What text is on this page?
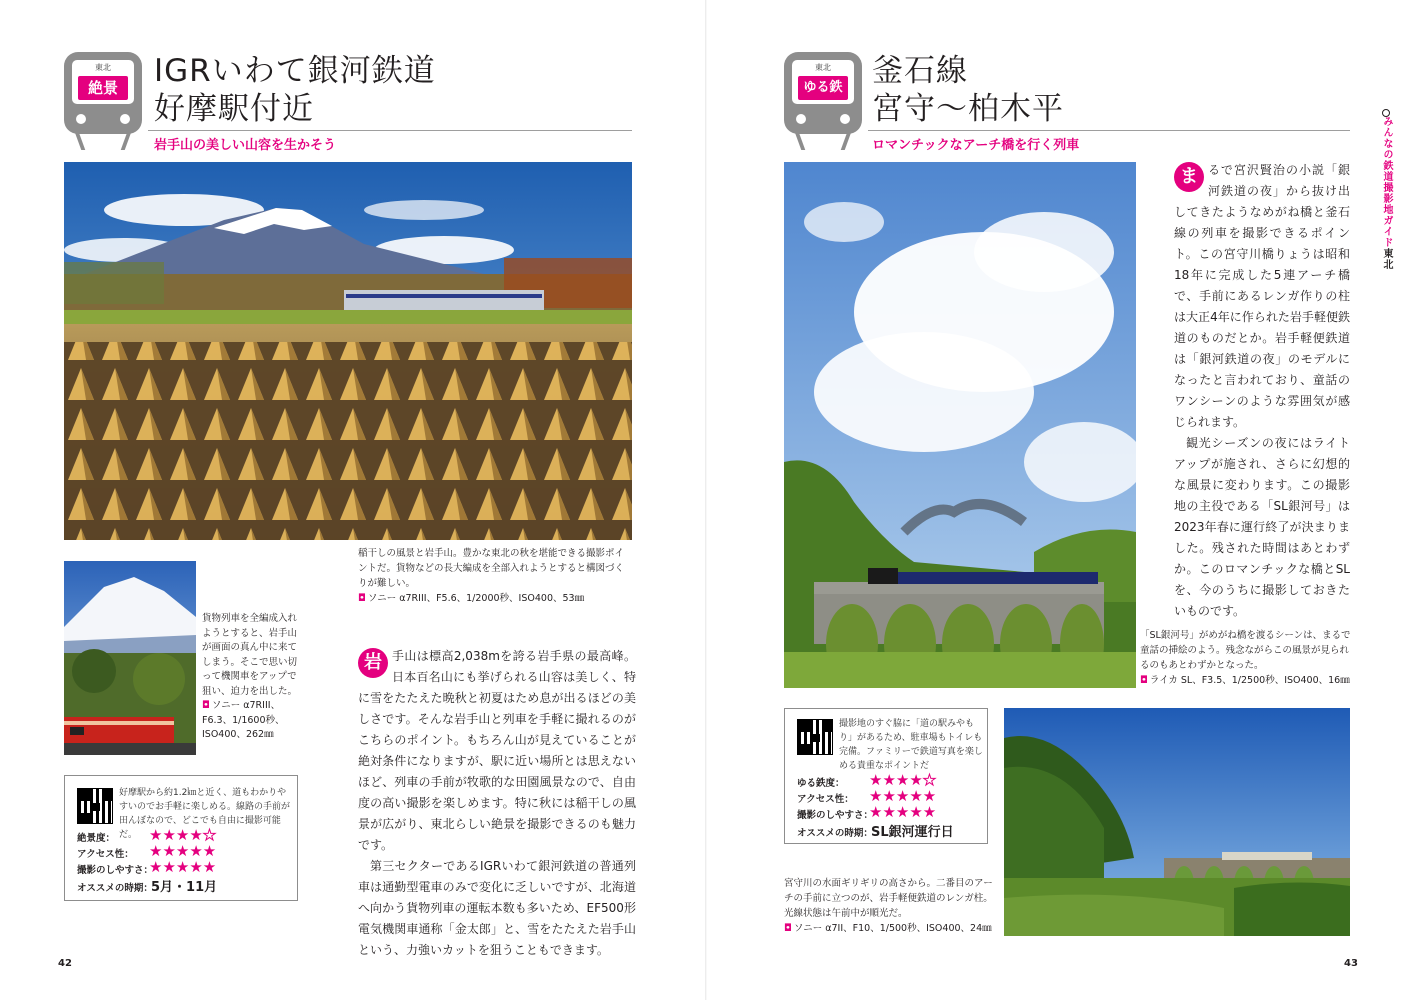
東北
絶景	IGRいわて銀河鉄道
好摩駅付近
岩手山の美しい山容を生かそう
稲干しの風景と岩手山。豊かな東北の秋を堪能できる撮影ポイントだ。貨物などの長大編成を全部入れようとすると構図づくりが難しい。
◘ ソニー α7RIII、F5.6、1/2000秒、ISO400、53㎜
貨物列車を全編成入れようとすると、岩手山が画面の真ん中に来てしまう。そこで思い切って機関車をアップで狙い、迫力を出した。
◘ ソニー α7RIII、F6.3、1/1600秒、ISO400、262㎜
好摩駅から約1.2㎞と近く、道もわかりやすいのでお手軽に楽しめる。線路の手前が田んぼなので、どこでも自由に撮影可能だ。
絶景度： ★★★★★
アクセス性： ★★★★★
撮影のしやすさ：
★★★★★
オススメの時期：
5月・11月
岩 手山は標高2,038mを誇る岩手県の最高峰。日本百名山にも挙げられる山容は美しく、特に雪をたたえた晩秋と初夏はため息が出るほどの美しさです。そんな岩手山と列車を手軽に撮れるのがこちらのポイント。もちろん山が見えていることが絶対条件になりますが、駅に近い場所とは思えないほど、列車の手前が牧歌的な田園風景なので、自由度の高い撮影を楽しめます。特に秋には稲干しの風景が広がり、東北らしい絶景を撮影できるのも魅力です。

第三セクターであるIGRいわて銀河鉄道の普通列車は通勤型電車のみで変化に乏しいですが、北海道へ向かう貨物列車の運転本数も多いため、EF500形電気機関車通称「金太郎」と、雪をたたえた岩手山という、力強いカットを狙うこともできます。

42
東北
ゆる鉄 釜石線
宮守～柏木平
ロマンチックなアーチ橋を行く列車
ま るで宮沢賢治の小説「銀河鉄道の夜」から抜け出してきたようなめがね橋と釜石線の列車を撮影できるポイント。この宮守川橋りょうは昭和18年に完成した5連アーチ橋で、手前にあるレンガ作りの柱は大正4年に作られた岩手軽便鉄道のものだとか。岩手軽便鉄道は「銀河鉄道の夜」のモデルになったと言われており、童話のワンシーンのような雰囲気が感じられます。

観光シーズンの夜にはライトアップが施され、さらに幻想的な風景に変わります。この撮影地の主役である「SL銀河号」は2023年春に運行終了が決まりました。残された時間はあとわずか。このロマンチックな橋とSLを、今のうちに撮影しておきたいものです。

「SL銀河号」がめがね橋を渡るシーンは、まるで童話の挿絵のよう。残念ながらこの風景が見られるのもあとわずかとなった。
◘ ライカ SL、F3.5、1/2500秒、ISO400、16㎜
撮影地のすぐ脇に「道の駅みやもり」があるため、駐車場もトイレも完備。ファミリーで鉄道写真を楽しめる貴重なポイントだ
ゆる鉄度： ★★★★★
アクセス性： ★★★★★
撮影のしやすさ：
★★★★★
オススメの時期：
SL銀河運行日
宮守川の水面ギリギリの高さから。二番目のアーチの手前に立つのが、岩手軽便鉄道のレンガ柱。光線状態は午前中が順光だ。
◘ ソニー α7II、F10、1/500秒、ISO400、24㎜
43
みんなの鉄道撮影地ガイド東北
